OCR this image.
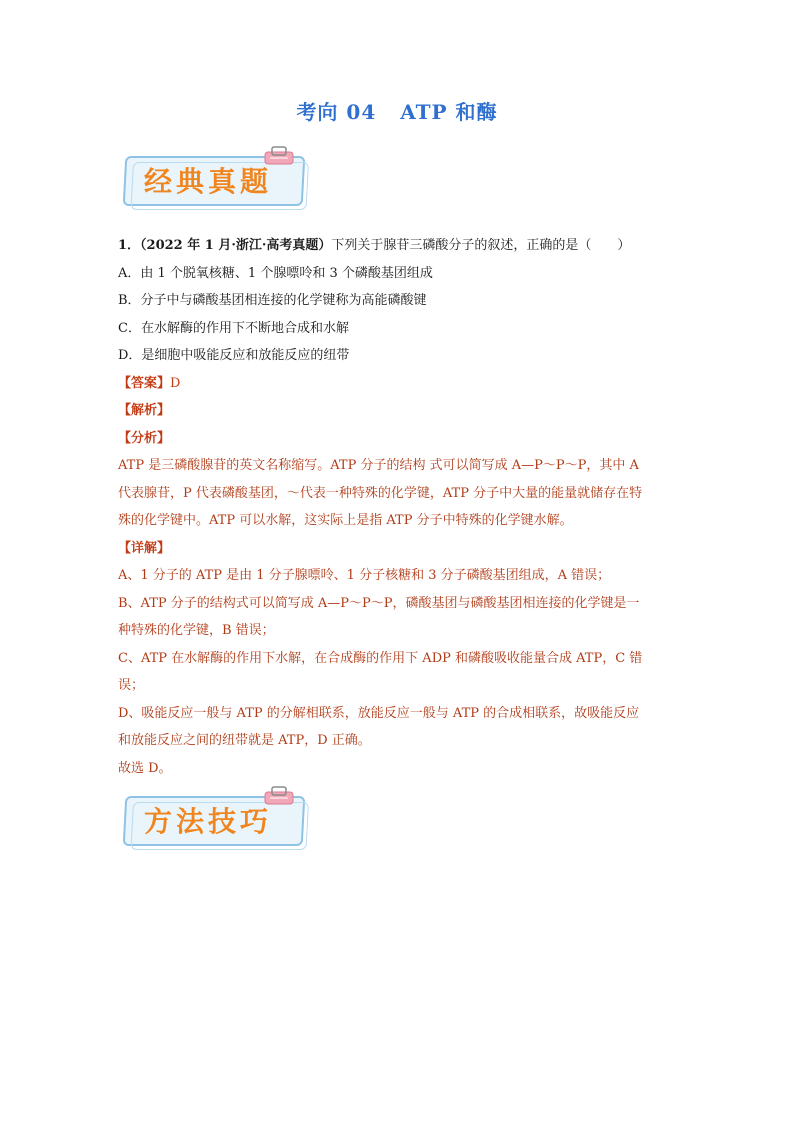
考向 04 ATP 和酶
经典真题
1．（2022 年 1 月·浙江·高考真题）下列关于腺苷三磷酸分子的叙述，正确的是（　　）
A．由 1 个脱氧核糖、1 个腺嘌呤和 3 个磷酸基团组成
B．分子中与磷酸基团相连接的化学键称为高能磷酸键
C．在水解酶的作用下不断地合成和水解
D．是细胞中吸能反应和放能反应的纽带
【答案】D
【解析】
【分析】
ATP 是三磷酸腺苷的英文名称缩写。ATP 分子的结构 式可以简写成 A—P～P～P，其中 A
代表腺苷，P 代表磷酸基团，～代表一种特殊的化学键，ATP 分子中大量的能量就储存在特
殊的化学键中。ATP 可以水解，这实际上是指 ATP 分子中特殊的化学键水解。
【详解】
A、1 分子的 ATP 是由 1 分子腺嘌呤、1 分子核糖和 3 分子磷酸基团组成，A 错误；
B、ATP 分子的结构式可以简写成 A—P～P～P，磷酸基团与磷酸基团相连接的化学键是一
种特殊的化学键，B 错误；
C、ATP 在水解酶的作用下水解，在合成酶的作用下 ADP 和磷酸吸收能量合成 ATP，C 错
误；
D、吸能反应一般与 ATP 的分解相联系，放能反应一般与 ATP 的合成相联系，故吸能反应
和放能反应之间的纽带就是 ATP，D 正确。
故选 D。
方法技巧
